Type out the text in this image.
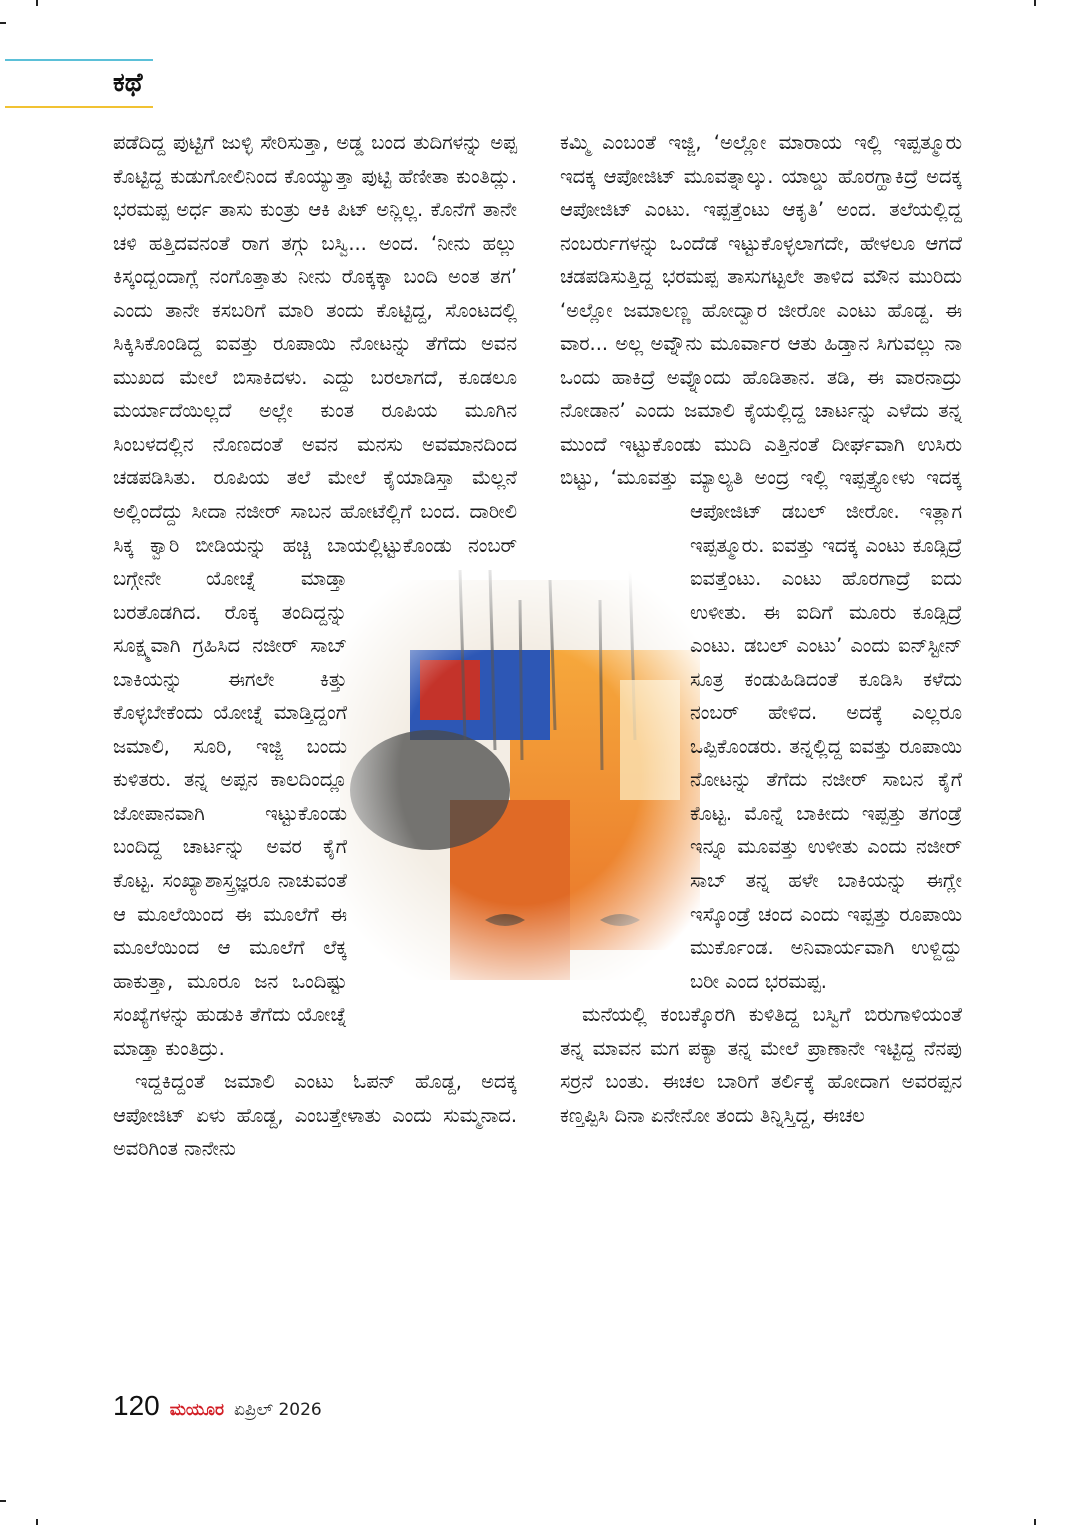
ಕಥೆ

ಪಡೆದಿದ್ದ ಪುಟ್ಟಿಗೆ ಜುಳ್ಳಿ ಸೇರಿಸುತ್ತಾ, ಅಡ್ಡ ಬಂದ ತುದಿಗಳನ್ನು ಅಪ್ಪ ಕೊಟ್ಟಿದ್ದ ಕುಡುಗೋಲಿನಿಂದ ಕೊಯ್ಯುತ್ತಾ ಪುಟ್ಟಿ ಹೆಣೀತಾ ಕುಂತಿದ್ಲು. ಭರಮಪ್ಪ ಅರ್ಧ ತಾಸು ಕುಂತ್ರು ಆಕಿ ಪಿಟ್ ಅನ್ಲಿಲ್ಲ. ಕೊನೆಗೆ ತಾನೇ ಚಳಿ ಹತ್ತಿದವನಂತೆ ರಾಗ ತಗ್ಗು ಬಸ್ವಿ... ಅಂದ. ‘ನೀನು ಹಲ್ಲು ಕಿಸ್ಕಂದ್ಬಂದಾಗ್ಲೆ ನಂಗೊತ್ತಾತು ನೀನು ರೊಕ್ಕಕ್ಕಾ ಬಂದಿ ಅಂತ ತಗ’ ಎಂದು ತಾನೇ ಕಸಬರಿಗೆ ಮಾರಿ ತಂದು ಕೊಟ್ಟಿದ್ದ, ಸೊಂಟದಲ್ಲಿ ಸಿಕ್ಕಿಸಿಕೊಂಡಿದ್ದ ಐವತ್ತು ರೂಪಾಯಿ ನೋಟನ್ನು ತೆಗೆದು ಅವನ ಮುಖದ ಮೇಲೆ ಬಿಸಾಕಿದಳು. ಎದ್ದು ಬರಲಾಗದೆ, ಕೂಡಲೂ ಮರ್ಯಾದೆಯಿಲ್ಲದೆ ಅಲ್ಲೇ ಕುಂತ ರೂಪಿಯ ಮೂಗಿನ ಸಿಂಬಳದಲ್ಲಿನ ನೊಣದಂತೆ ಅವನ ಮನಸು ಅವಮಾನದಿಂದ ಚಡಪಡಿಸಿತು. ರೂಪಿಯ ತಲೆ ಮೇಲೆ ಕೈಯಾಡಿಸ್ತಾ ಮೆಲ್ಲನೆ ಅಲ್ಲಿಂದೆದ್ದು ಸೀದಾ ನಜೀರ್ ಸಾಬನ ಹೋಟೆಲ್ಲಿಗೆ ಬಂದ. ದಾರೀಲಿ ಸಿಕ್ಕ ಕ್ವಾರಿ ಬೀಡಿಯನ್ನು ಹಚ್ಚಿ ಬಾಯಲ್ಲಿಟ್ಟುಕೊಂಡು ನಂಬರ್ ಬಗ್ಗೇನೇ ಯೋಚ್ನೆ ಮಾಡ್ತಾ ಬರತೊಡಗಿದ. ರೊಕ್ಕ ತಂದಿದ್ದನ್ನು ಸೂಕ್ಷ್ಮವಾಗಿ ಗ್ರಹಿಸಿದ ನಜೀರ್ ಸಾಬ್ ಬಾಕಿಯನ್ನು ಈಗಲೇ ಕಿತ್ತು ಕೊಳ್ಳಬೇಕೆಂದು ಯೋಚ್ನೆ ಮಾಡ್ತಿದ್ದಂಗೆ ಜಮಾಲಿ, ಸೂರಿ, ಇಜ್ಜಿ ಬಂದು ಕುಳಿತರು. ತನ್ನ ಅಪ್ಪನ ಕಾಲದಿಂದ್ಲೂ ಜೋಪಾನವಾಗಿ ಇಟ್ಟುಕೊಂಡು ಬಂದಿದ್ದ ಚಾರ್ಟನ್ನು ಅವರ ಕೈಗೆ ಕೊಟ್ಟ. ಸಂಖ್ಯಾಶಾಸ್ತ್ರಜ್ಞರೂ ನಾಚುವಂತೆ ಆ ಮೂಲೆಯಿಂದ ಈ ಮೂಲೆಗೆ ಈ ಮೂಲೆಯಿಂದ ಆ ಮೂಲೆಗೆ ಲೆಕ್ಕ ಹಾಕುತ್ತಾ, ಮೂರೂ ಜನ ಒಂದಿಷ್ಟು ಸಂಖ್ಯೆಗಳನ್ನು ಹುಡುಕಿ ತೆಗೆದು ಯೋಚ್ನೆ ಮಾಡ್ತಾ ಕುಂತಿದ್ರು.

ಇದ್ದಕಿದ್ದಂತೆ ಜಮಾಲಿ ಎಂಟು ಓಪನ್ ಹೊಡ್ದ, ಅದಕ್ಕ ಆಪೋಜಿಟ್ ಏಳು ಹೊಡ್ದ, ಎಂಬತ್ತೇಳಾತು ಎಂದು ಸುಮ್ಮನಾದ. ಅವರಿಗಿಂತ ನಾನೇನು

ಕಮ್ಮಿ ಎಂಬಂತೆ ಇಜ್ಜಿ, ‘ಅಲ್ಲೋ ಮಾರಾಯ ಇಲ್ಲಿ ಇಪ್ಪತ್ಮೂರು ಇದಕ್ಕ ಆಪೋಜಿಟ್ ಮೂವತ್ನಾಲ್ಕು. ಯಾಲ್ಡು ಹೊರಗ್ಹಾಕಿದ್ರೆ ಅದಕ್ಕ ಆಪೋಜಿಟ್ ಎಂಟು. ಇಪ್ಪತ್ತೆಂಟು ಆಕೃತಿ’ ಅಂದ. ತಲೆಯಲ್ಲಿದ್ದ ನಂಬರ್ರುಗಳನ್ನು ಒಂದೆಡೆ ಇಟ್ಟುಕೊಳ್ಳಲಾಗದೇ, ಹೇಳಲೂ ಆಗದೆ ಚಡಪಡಿಸುತ್ತಿದ್ದ ಭರಮಪ್ಪ ತಾಸುಗಟ್ಟಲೇ ತಾಳಿದ ಮೌನ ಮುರಿದು ‘ಅಲ್ಲೋ ಜಮಾಲಣ್ಣ ಹೋದ್ವಾರ ಜೀರೋ ಎಂಟು ಹೊಡ್ದ. ಈ ವಾರ... ಅಲ್ಲ ಅವ್ನೌನು ಮೂರ್ವಾರ ಆತು ಹಿಡ್ತಾನ ಸಿಗುವಲ್ಲು ನಾ ಒಂದು ಹಾಕಿದ್ರೆ ಅವ್ನೊಂದು ಹೊಡಿತಾನ. ತಡಿ, ಈ ವಾರನಾದ್ರು ನೋಡಾನ’ ಎಂದು ಜಮಾಲಿ ಕೈಯಲ್ಲಿದ್ದ ಚಾರ್ಟನ್ನು ಎಳೆದು ತನ್ನ ಮುಂದೆ ಇಟ್ಟುಕೊಂಡು ಮುದಿ ಎತ್ತಿನಂತೆ ದೀರ್ಘವಾಗಿ ಉಸಿರು ಬಿಟ್ಟು, ‘ಮೂವತ್ತು ಮ್ಯಾಲ್ಯತಿ ಅಂದ್ರ ಇಲ್ಲಿ ಇಪ್ಪತ್ತ್ಯೋಳು ಇದಕ್ಕ ಆಪೋಜಿಟ್ ಡಬಲ್ ಜೀರೋ. ಇತ್ಲಾಗ ಇಪ್ಪತ್ಮೂರು. ಐವತ್ತು ಇದಕ್ಕ ಎಂಟು ಕೂಡ್ಸಿದ್ರೆ ಐವತ್ತೆಂಟು. ಎಂಟು ಹೊರಗಾದ್ರೆ ಐದು ಉಳೀತು. ಈ ಐದಿಗೆ ಮೂರು ಕೂಡ್ಸಿದ್ರೆ ಎಂಟು. ಡಬಲ್ ಎಂಟು’ ಎಂದು ಐನ್‌ಸ್ಟೀನ್ ಸೂತ್ರ ಕಂಡುಹಿಡಿದಂತೆ ಕೂಡಿಸಿ ಕಳೆದು ನಂಬರ್ ಹೇಳಿದ. ಅದಕ್ಕೆ ಎಲ್ಲರೂ ಒಪ್ಪಿಕೊಂಡರು. ತನ್ನಲ್ಲಿದ್ದ ಐವತ್ತು ರೂಪಾಯಿ ನೋಟನ್ನು ತೆಗೆದು ನಜೀರ್ ಸಾಬನ ಕೈಗೆ ಕೊಟ್ಟ. ಮೊನ್ನೆ ಬಾಕೀದು ಇಪ್ಪತ್ತು ತಗಂಡ್ರೆ ಇನ್ನೂ ಮೂವತ್ತು ಉಳೀತು ಎಂದು ನಜೀರ್ ಸಾಬ್ ತನ್ನ ಹಳೇ ಬಾಕಿಯನ್ನು ಈಗ್ಲೇ ಇಸ್ಕೊಂಡ್ರೆ ಚಂದ ಎಂದು ಇಪ್ಪತ್ತು ರೂಪಾಯಿ ಮುರ್ಕೊಂಡ. ಅನಿವಾರ್ಯವಾಗಿ ಉಳ್ದಿದ್ದು ಬರೀ ಎಂದ ಭರಮಪ್ಪ.

ಮನೆಯಲ್ಲಿ ಕಂಬಕ್ಕೊರಗಿ ಕುಳಿತಿದ್ದ ಬಸ್ವಿಗೆ ಬಿರುಗಾಳಿಯಂತೆ ತನ್ನ ಮಾವನ ಮಗ ಪಕ್ಯಾ ತನ್ನ ಮೇಲೆ ಪ್ರಾಣಾನೇ ಇಟ್ಟಿದ್ದ ನೆನಪು ಸರ್ರನೆ ಬಂತು. ಈಚಲ ಬಾರಿಗೆ ತರ್ಲಿಕ್ಕೆ ಹೋದಾಗ ಅವರಪ್ಪನ ಕಣ್ತಪ್ಪಿಸಿ ದಿನಾ ಏನೇನೋ ತಂದು ತಿನ್ನಿಸ್ತಿದ್ದ, ಈಚಲ

120 ಮಯೂರ ಏಪ್ರಿಲ್ 2026
